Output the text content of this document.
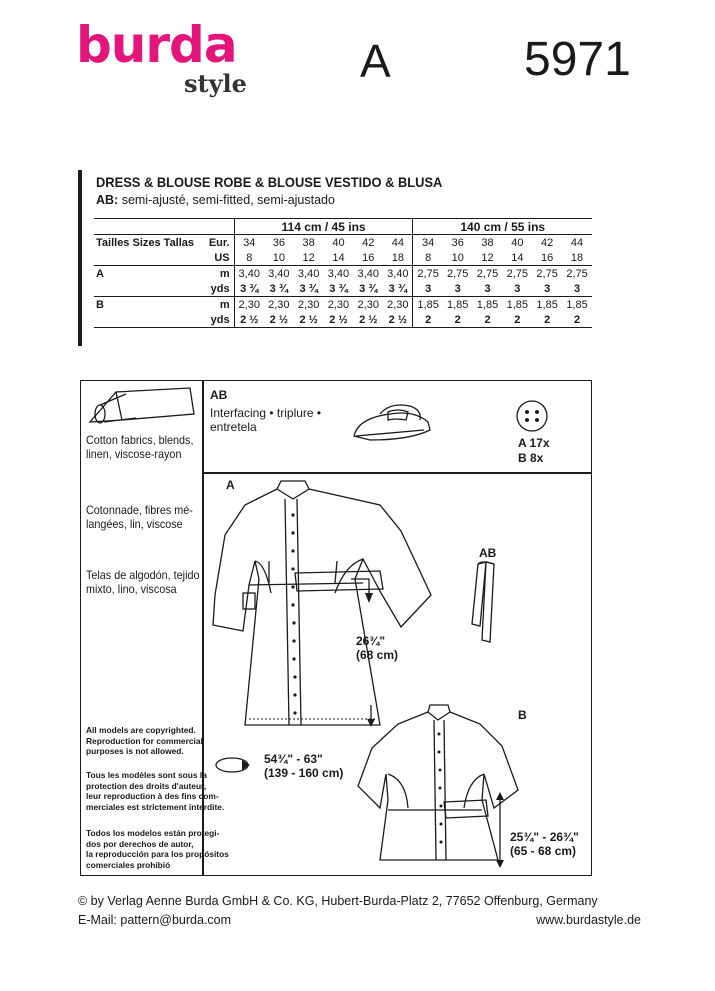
burda
style A	5971
DRESS & BLOUSE ROBE & BLOUSE VESTIDO & BLUSA
AB: semi-ajusté, semi-fitted, semi-ajustado
		114 cm / 45 ins						140 cm / 55 ins					
Tailles Sizes Tallas	Eur.	34	36	38	40	42	44	34	36	38	40	42	44
	US	8	10	12	14	16	18	8	10	12	14	16	18
A	m	3,40	3,40	3,40	3,40	3,40	3,40	2,75	2,75	2,75	2,75	2,75	2,75
	yds	3 ¾	3 ¾	3 ¾	3 ¾	3 ¾	3 ¾	3	3	3	3	3	3
B	m	2,30	2,30	2,30	2,30	2,30	2,30	1,85	1,85	1,85	1,85	1,85	1,85
	yds	2 ½	2 ½	2 ½	2 ½	2 ½	2 ½	2	2	2	2	2	2
Cotton fabrics, blends,
linen, viscose-rayon
Cotonnade, fibres mé-
langées, lin, viscose
Telas de algodón, tejido
mixto, lino, viscosa
All models are copyrighted.
Reproduction for commercial
purposes is not allowed.
Tous les modèles sont sous la
protection des droits d'auteur,
leur reproduction à des fins com-
merciales est strictement interdite.
Todos los modelos están protegi-
dos por derechos de autor,
la reproducción para los propósitos
comerciales prohibió
AB
Interfacing • triplure •
entretela
A 17x
B 8x
A
AB
B
26¾"
(68 cm)
54¾" - 63"
(139 - 160 cm)
25¾" - 26¾"
(65 - 68 cm)
© by Verlag Aenne Burda GmbH & Co. KG, Hubert-Burda-Platz 2, 77652 Offenburg, Germany
E-Mail: pattern@burda.com	www.burdastyle.de
